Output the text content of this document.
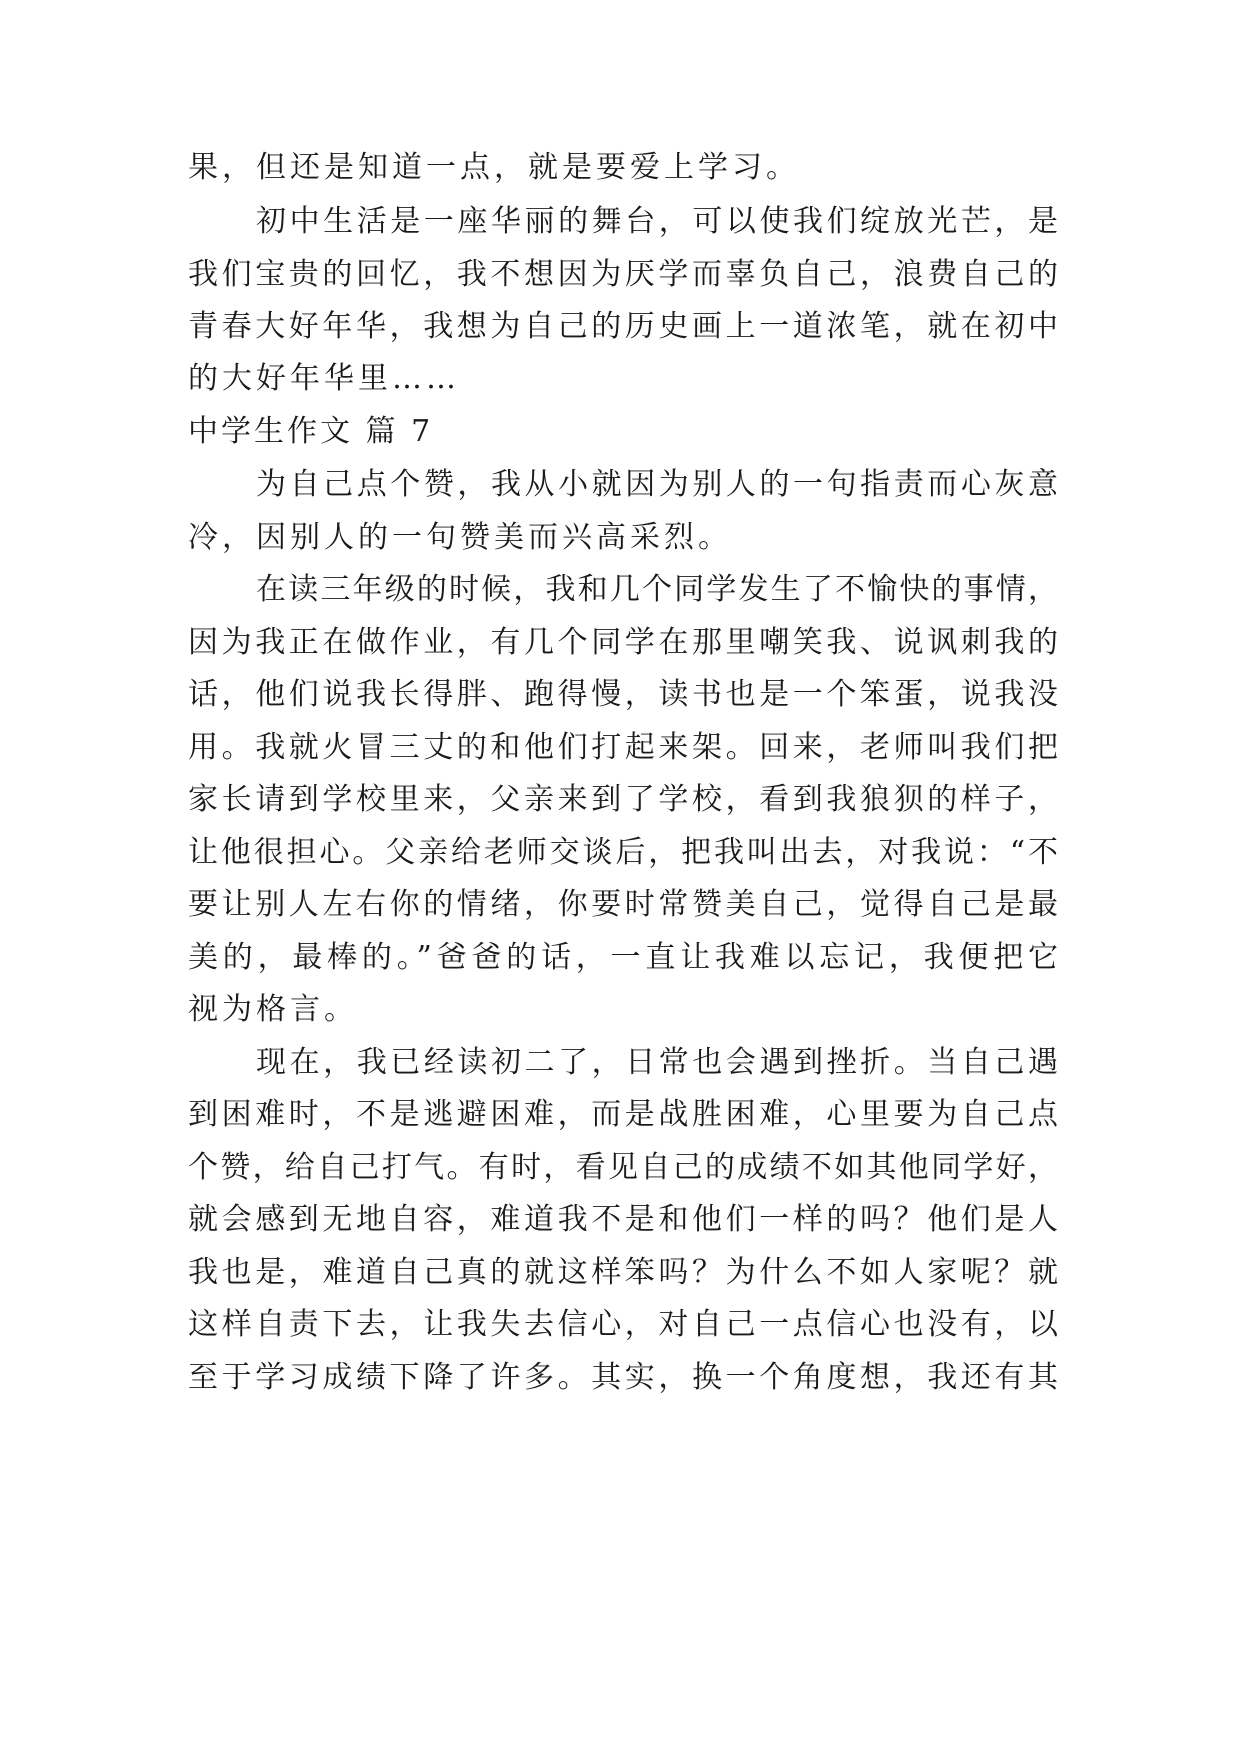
果，但还是知道一点，就是要爱上学习。
初中生活是一座华丽的舞台，可以使我们绽放光芒，是
我们宝贵的回忆，我不想因为厌学而辜负自己，浪费自己的
青春大好年华，我想为自己的历史画上一道浓笔，就在初中
的大好年华里……
中学生作文 篇 7
为自己点个赞，我从小就因为别人的一句指责而心灰意
冷，因别人的一句赞美而兴高采烈。
在读三年级的时候，我和几个同学发生了不愉快的事情，
因为我正在做作业，有几个同学在那里嘲笑我、说讽刺我的
话，他们说我长得胖、跑得慢，读书也是一个笨蛋，说我没
用。我就火冒三丈的和他们打起来架。回来，老师叫我们把
家长请到学校里来，父亲来到了学校，看到我狼狈的样子，
让他很担心。父亲给老师交谈后，把我叫出去，对我说：“不
要让别人左右你的情绪，你要时常赞美自己，觉得自己是最
美的，最棒的。”爸爸的话，一直让我难以忘记，我便把它
视为格言。
现在，我已经读初二了，日常也会遇到挫折。当自己遇
到困难时，不是逃避困难，而是战胜困难，心里要为自己点
个赞，给自己打气。有时，看见自己的成绩不如其他同学好，
就会感到无地自容，难道我不是和他们一样的吗？他们是人
我也是，难道自己真的就这样笨吗？为什么不如人家呢？就
这样自责下去，让我失去信心，对自己一点信心也没有，以
至于学习成绩下降了许多。其实，换一个角度想，我还有其
